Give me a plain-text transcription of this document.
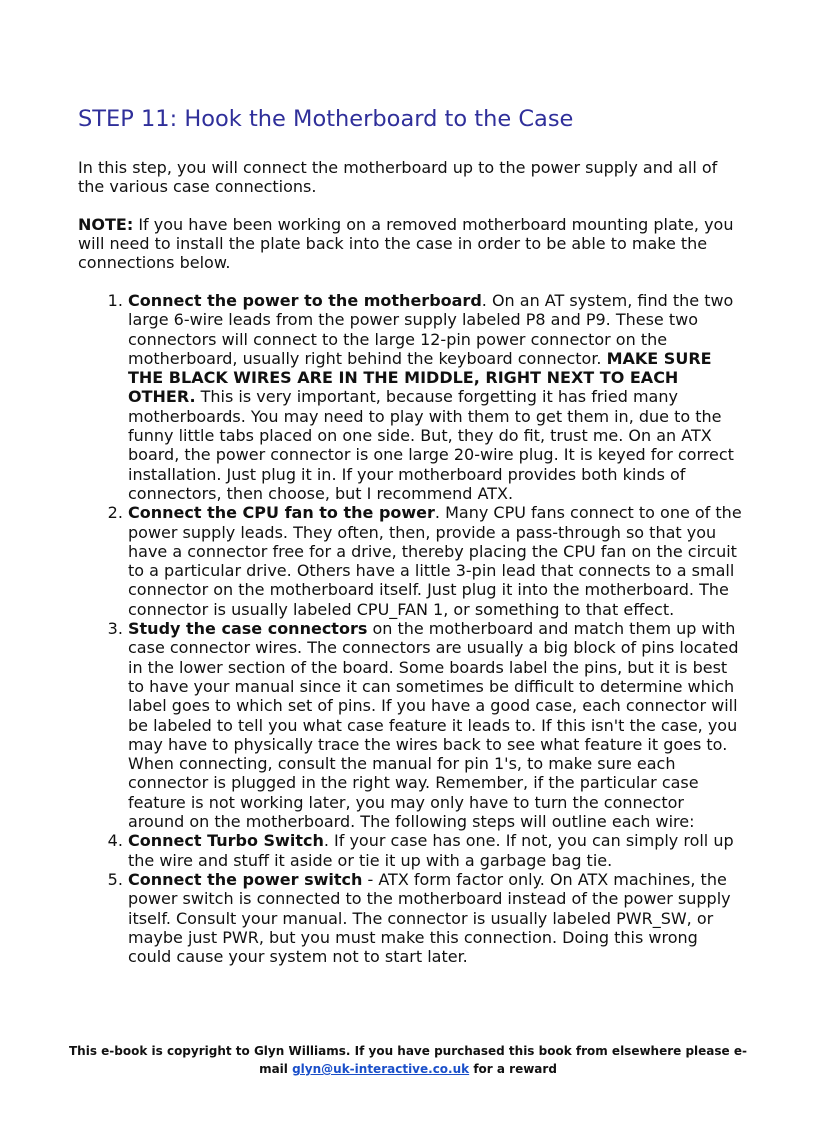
STEP 11: Hook the Motherboard to the Case

In this step, you will connect the motherboard up to the power supply and all of the various case connections.

NOTE: If you have been working on a removed motherboard mounting plate, you will need to install the plate back into the case in order to be able to make the connections below.

1. Connect the power to the motherboard. On an AT system, find the two large 6-wire leads from the power supply labeled P8 and P9. These two connectors will connect to the large 12-pin power connector on the motherboard, usually right behind the keyboard connector. MAKE SURE THE BLACK WIRES ARE IN THE MIDDLE, RIGHT NEXT TO EACH OTHER. This is very important, because forgetting it has fried many motherboards. You may need to play with them to get them in, due to the funny little tabs placed on one side. But, they do fit, trust me. On an ATX board, the power connector is one large 20-wire plug. It is keyed for correct installation. Just plug it in. If your motherboard provides both kinds of connectors, then choose, but I recommend ATX.
2. Connect the CPU fan to the power. Many CPU fans connect to one of the power supply leads. They often, then, provide a pass-through so that you have a connector free for a drive, thereby placing the CPU fan on the circuit to a particular drive. Others have a little 3-pin lead that connects to a small connector on the motherboard itself. Just plug it into the motherboard. The connector is usually labeled CPU_FAN 1, or something to that effect.
3. Study the case connectors on the motherboard and match them up with case connector wires. The connectors are usually a big block of pins located in the lower section of the board. Some boards label the pins, but it is best to have your manual since it can sometimes be difficult to determine which label goes to which set of pins. If you have a good case, each connector will be labeled to tell you what case feature it leads to. If this isn't the case, you may have to physically trace the wires back to see what feature it goes to. When connecting, consult the manual for pin 1's, to make sure each connector is plugged in the right way. Remember, if the particular case feature is not working later, you may only have to turn the connector around on the motherboard. The following steps will outline each wire:
4. Connect Turbo Switch. If your case has one. If not, you can simply roll up the wire and stuff it aside or tie it up with a garbage bag tie.
5. Connect the power switch - ATX form factor only. On ATX machines, the power switch is connected to the motherboard instead of the power supply itself. Consult your manual. The connector is usually labeled PWR_SW, or maybe just PWR, but you must make this connection. Doing this wrong could cause your system not to start later.
This e-book is copyright to Glyn Williams. If you have purchased this book from elsewhere please e-mail glyn@uk-interactive.co.uk for a reward
